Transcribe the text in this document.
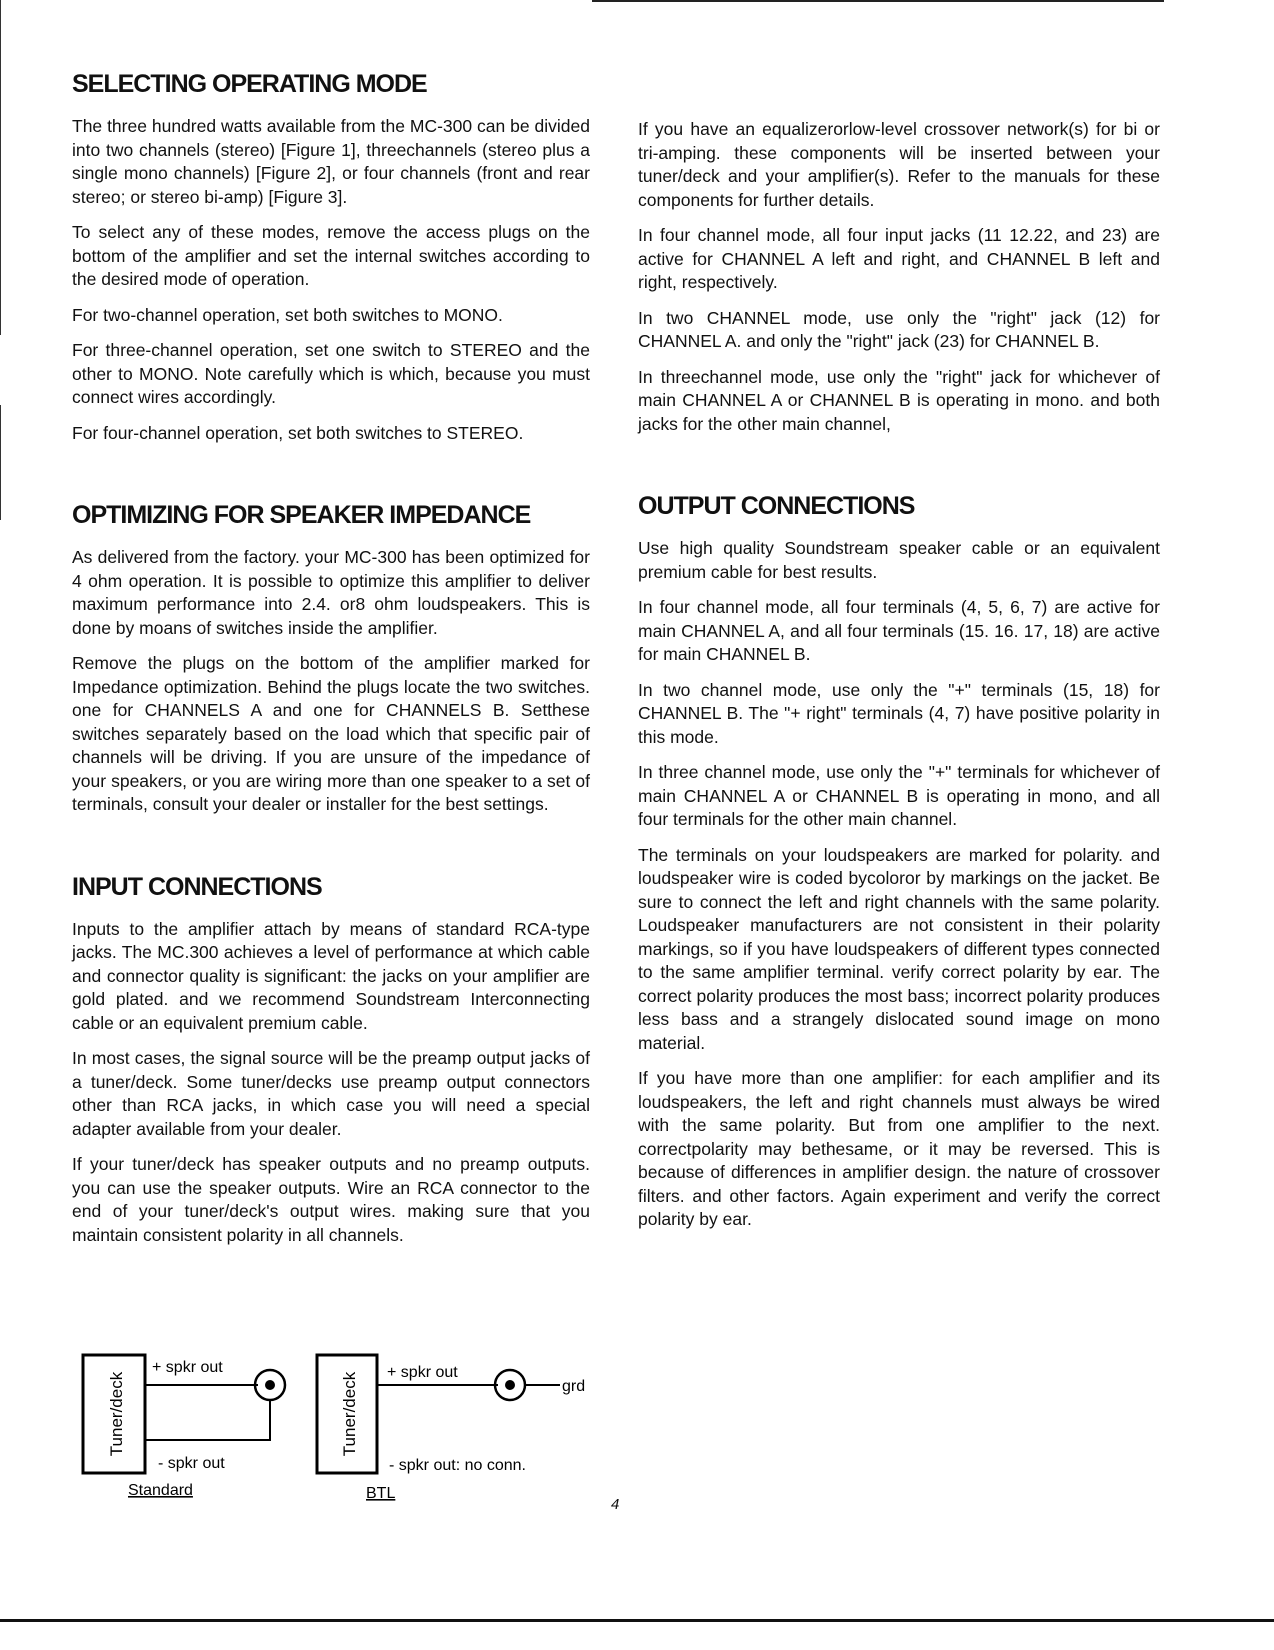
SELECTING OPERATING MODE

The three hundred watts available from the MC-300 can be divided into two channels (stereo) [Figure 1], threechannels (stereo plus a single mono channels) [Figure 2], or four channels (front and rear stereo; or stereo bi-amp) [Figure 3].

To select any of these modes, remove the access plugs on the bottom of the amplifier and set the internal switches according to the desired mode of operation.

For two-channel operation, set both switches to MONO.

For three-channel operation, set one switch to STEREO and the other to MONO. Note carefully which is which, because you must connect wires accordingly.

For four-channel operation, set both switches to STEREO.

OPTIMIZING FOR SPEAKER IMPEDANCE

As delivered from the factory. your MC-300 has been optimized for 4 ohm operation. It is possible to optimize this amplifier to deliver maximum performance into 2.4. or8 ohm loudspeakers. This is done by moans of switches inside the amplifier.

Remove the plugs on the bottom of the amplifier marked for Impedance optimization. Behind the plugs locate the two switches. one for CHANNELS A and one for CHANNELS B. Setthese switches separately based on the load which that specific pair of channels will be driving. If you are unsure of the impedance of your speakers, or you are wiring more than one speaker to a set of terminals, consult your dealer or installer for the best settings.

INPUT CONNECTIONS

Inputs to the amplifier attach by means of standard RCA-type jacks. The MC.300 achieves a level of performance at which cable and connector quality is significant: the jacks on your amplifier are gold plated. and we recommend Soundstream Interconnecting cable or an equivalent premium cable.

In most cases, the signal source will be the preamp output jacks of a tuner/deck. Some tuner/decks use preamp output connectors other than RCA jacks, in which case you will need a special adapter available from your dealer.

If your tuner/deck has speaker outputs and no preamp outputs. you can use the speaker outputs. Wire an RCA connector to the end of your tuner/deck's output wires. making sure that you maintain consistent polarity in all channels.

If you have an equalizerorlow-level crossover network(s) for bi or tri-amping. these components will be inserted between your tuner/deck and your amplifier(s). Refer to the manuals for these components for further details.

In four channel mode, all four input jacks (11 12.22, and 23) are active for CHANNEL A left and right, and CHANNEL B left and right, respectively.

In two CHANNEL mode, use only the "right" jack (12) for CHANNEL A. and only the "right" jack (23) for CHANNEL B.

In threechannel mode, use only the "right" jack for whichever of main CHANNEL A or CHANNEL B is operating in mono. and both jacks for the other main channel,

OUTPUT CONNECTIONS

Use high quality Soundstream speaker cable or an equivalent premium cable for best results.

In four channel mode, all four terminals (4, 5, 6, 7) are active for main CHANNEL A, and all four terminals (15. 16. 17, 18) are active for main CHANNEL B.

In two channel mode, use only the "+" terminals (15, 18) for CHANNEL B. The "+ right" terminals (4, 7) have positive polarity in this mode.

In three channel mode, use only the "+" terminals for whichever of main CHANNEL A or CHANNEL B is operating in mono, and all four terminals for the other main channel.

The terminals on your loudspeakers are marked for polarity. and loudspeaker wire is coded bycoloror by markings on the jacket. Be sure to connect the left and right channels with the same polarity. Loudspeaker manufacturers are not consistent in their polarity markings, so if you have loudspeakers of different types connected to the same amplifier terminal. verify correct polarity by ear. The correct polarity produces the most bass; incorrect polarity produces less bass and a strangely dislocated sound image on mono material.

If you have more than one amplifier: for each amplifier and its loudspeakers, the left and right channels must always be wired with the same polarity. But from one amplifier to the next. correctpolarity may bethesame, or it may be reversed. This is because of differences in amplifier design. the nature of crossover filters. and other factors. Again experiment and verify the correct polarity by ear.

Tuner/deck
+ spkr out
- spkr out
Standard
Tuner/deck	grd
+ spkr out
- spkr out: no conn.
BTL
4
